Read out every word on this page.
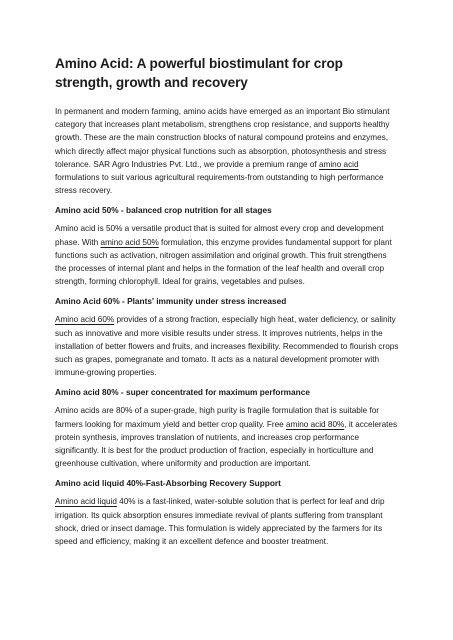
Amino Acid: A powerful biostimulant for crop strength, growth and recovery

In permanent and modern farming, amino acids have emerged as an important Bio stimulant category that increases plant metabolism, strengthens crop resistance, and supports healthy growth. These are the main construction blocks of natural compound proteins and enzymes, which directly affect major physical functions such as absorption, photosynthesis and stress tolerance. SAR Agro Industries Pvt. Ltd., we provide a premium range of amino acid formulations to suit various agricultural requirements-from outstanding to high performance stress recovery.

Amino acid 50% - balanced crop nutrition for all stages

Amino acid is 50% a versatile product that is suited for almost every crop and development phase. With amino acid 50% formulation, this enzyme provides fundamental support for plant functions such as activation, nitrogen assimilation and original growth. This fruit strengthens the processes of internal plant and helps in the formation of the leaf health and overall crop strength, forming chlorophyll. Ideal for grains, vegetables and pulses.

Amino Acid 60% - Plants' immunity under stress increased

Amino acid 60% provides of a strong fraction, especially high heat, water deficiency, or salinity such as innovative and more visible results under stress. It improves nutrients, helps in the installation of better flowers and fruits, and increases flexibility. Recommended to flourish crops such as grapes, pomegranate and tomato. It acts as a natural development promoter with immune-growing properties.

Amino acid 80% - super concentrated for maximum performance

Amino acids are 80% of a super-grade, high purity is fragile formulation that is suitable for farmers looking for maximum yield and better crop quality. Free amino acid 80%, it accelerates protein synthesis, improves translation of nutrients, and increases crop performance significantly. It is best for the product production of fraction, especially in horticulture and greenhouse cultivation, where uniformity and production are important.

Amino acid liquid 40%-Fast-Absorbing Recovery Support

Amino acid liquid 40% is a fast-linked, water-soluble solution that is perfect for leaf and drip irrigation. Its quick absorption ensures immediate revival of plants suffering from transplant shock, dried or insect damage. This formulation is widely appreciated by the farmers for its speed and efficiency, making it an excellent defence and booster treatment.
